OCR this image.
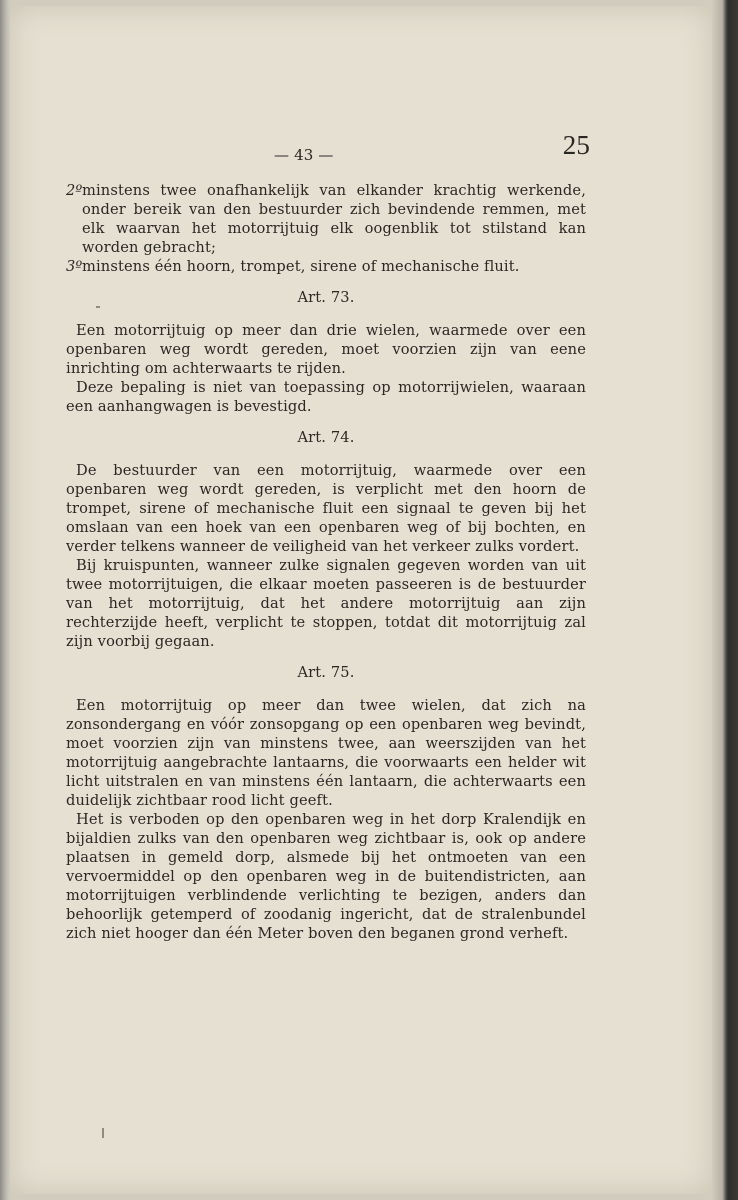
— 43 —	25
2º minstens twee onafhankelijk van elkander krachtig werkende, onder bereik van den bestuurder zich bevindende remmen, met elk waarvan het motorrijtuig elk oogenblik tot stilstand kan worden gebracht;
3º minstens één hoorn, trompet, sirene of mechanische fluit.
Art. 73.

Een motorrijtuig op meer dan drie wielen, waarmede over een openbaren weg wordt gereden, moet voorzien zijn van eene inrichting om achterwaarts te rijden.

Deze bepaling is niet van toepassing op motorrijwielen, waaraan een aanhangwagen is bevestigd.

Art. 74.

De bestuurder van een motorrijtuig, waarmede over een openbaren weg wordt gereden, is verplicht met den hoorn de trompet, sirene of mechanische fluit een signaal te geven bij het omslaan van een hoek van een openbaren weg of bij bochten, en verder telkens wanneer de veiligheid van het verkeer zulks vordert.

Bij kruispunten, wanneer zulke signalen gegeven worden van uit twee motorrijtuigen, die elkaar moeten passeeren is de bestuurder van het motorrijtuig, dat het andere motorrijtuig aan zijn rechterzijde heeft, verplicht te stoppen, totdat dit motorrijtuig zal zijn voorbij gegaan.

Art. 75.

Een motorrijtuig op meer dan twee wielen, dat zich na zonsondergang en vóór zonsopgang op een openbaren weg bevindt, moet voorzien zijn van minstens twee, aan weerszijden van het motorrijtuig aangebrachte lantaarns, die voorwaarts een helder wit licht uitstralen en van minstens één lantaarn, die achterwaarts een duidelijk zichtbaar rood licht geeft.

Het is verboden op den openbaren weg in het dorp Kralendijk en bijaldien zulks van den openbaren weg zichtbaar is, ook op andere plaatsen in gemeld dorp, alsmede bij het ontmoeten van een vervoermiddel op den openbaren weg in de buitendistricten, aan motorrijtuigen verblindende verlichting te bezigen, anders dan behoorlijk getemperd of zoodanig ingericht, dat de stralenbundel zich niet hooger dan één Meter boven den beganen grond verheft.
